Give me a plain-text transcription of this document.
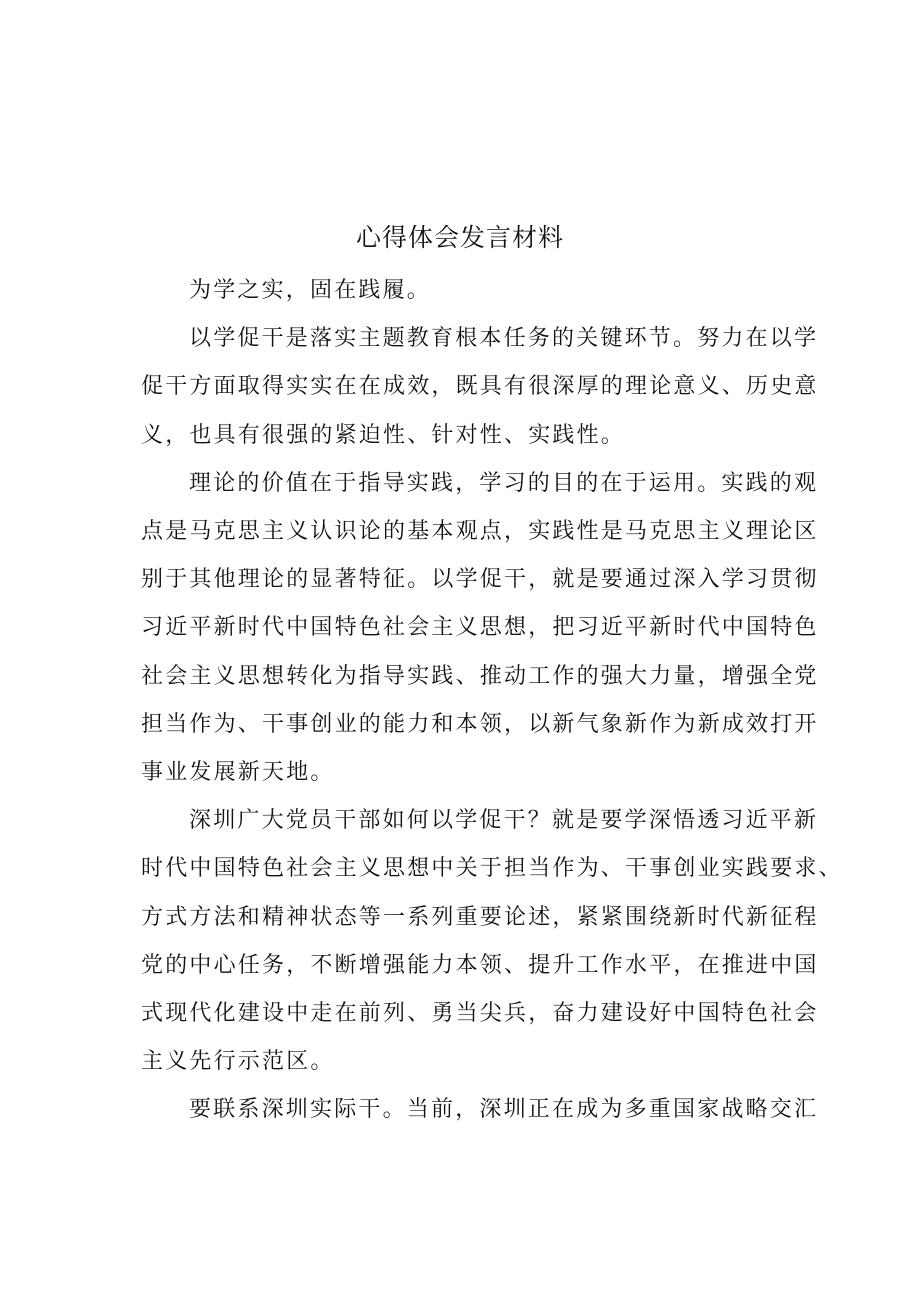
心得体会发言材料
为学之实，固在践履。
以学促干是落实主题教育根本任务的关键环节。努力在以学
促干方面取得实实在在成效，既具有很深厚的理论意义、历史意
义，也具有很强的紧迫性、针对性、实践性。
理论的价值在于指导实践，学习的目的在于运用。实践的观
点是马克思主义认识论的基本观点，实践性是马克思主义理论区
别于其他理论的显著特征。以学促干，就是要通过深入学习贯彻
习近平新时代中国特色社会主义思想，把习近平新时代中国特色
社会主义思想转化为指导实践、推动工作的强大力量，增强全党
担当作为、干事创业的能力和本领，以新气象新作为新成效打开
事业发展新天地。
深圳广大党员干部如何以学促干？就是要学深悟透习近平新
时代中国特色社会主义思想中关于担当作为、干事创业实践要求、
方式方法和精神状态等一系列重要论述，紧紧围绕新时代新征程
党的中心任务，不断增强能力本领、提升工作水平，在推进中国
式现代化建设中走在前列、勇当尖兵，奋力建设好中国特色社会
主义先行示范区。
要联系深圳实际干。当前，深圳正在成为多重国家战略交汇
